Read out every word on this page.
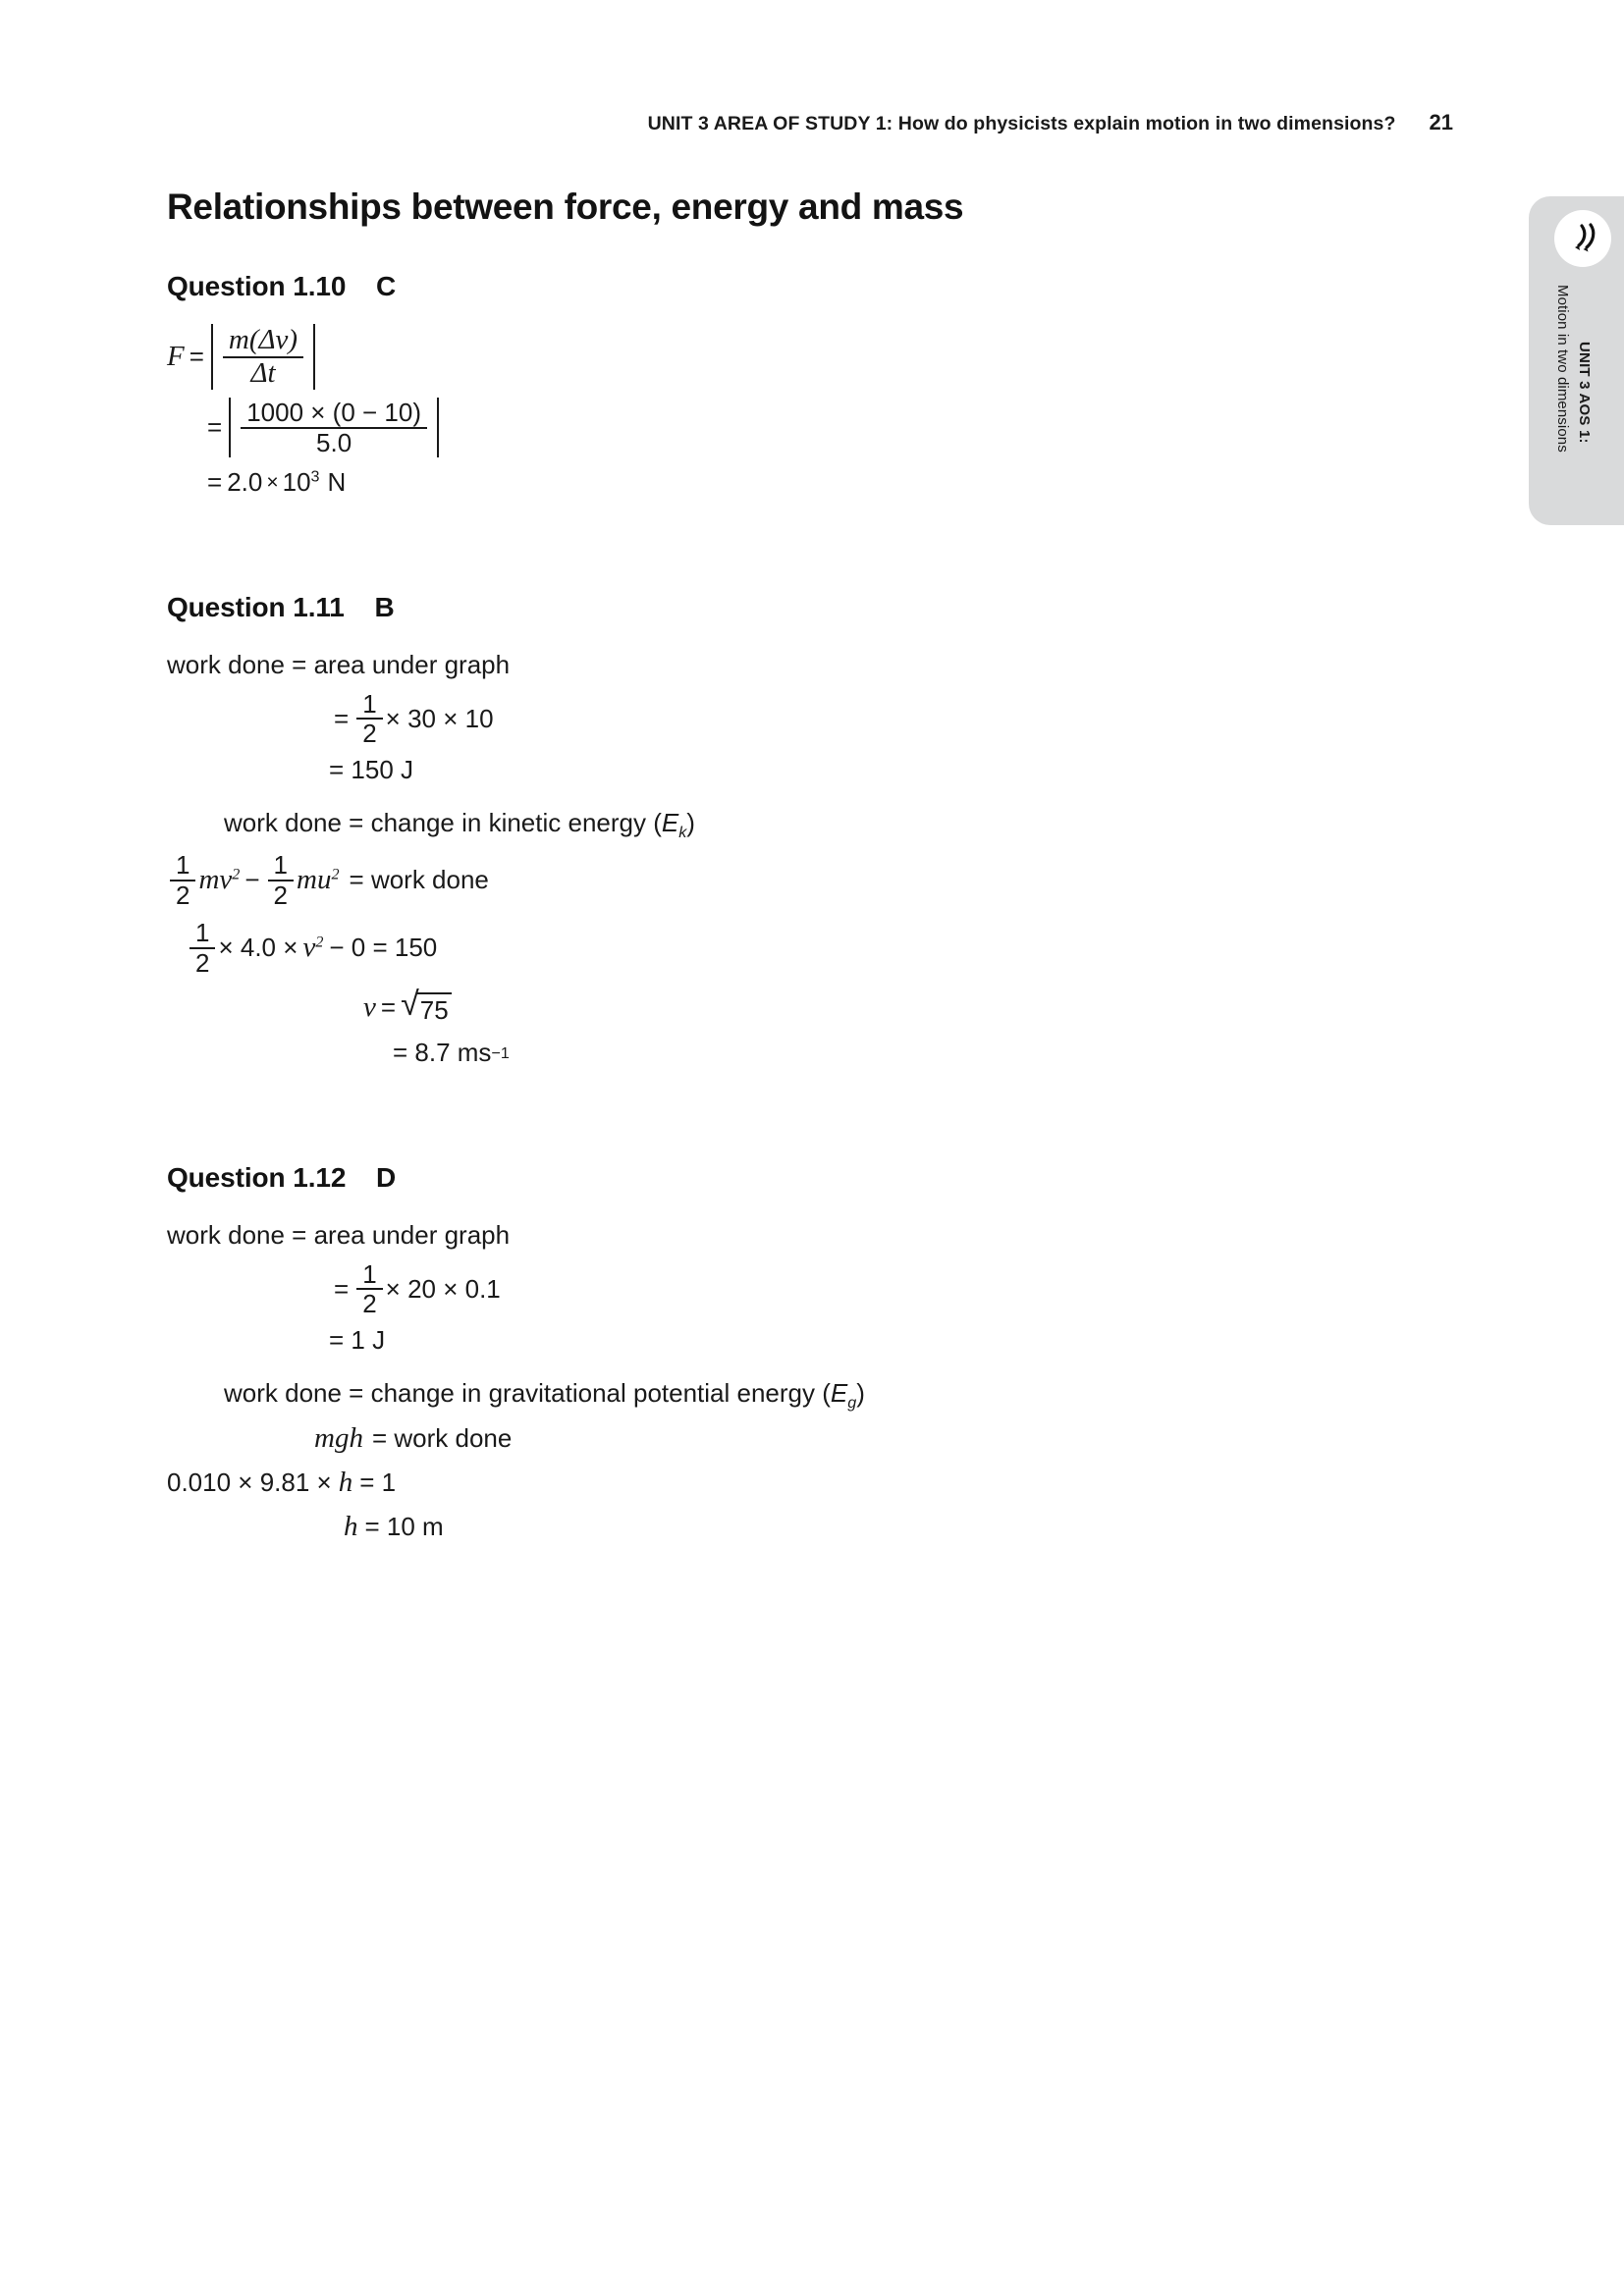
UNIT 3 AREA OF STUDY 1: How do physicists explain motion in two dimensions? 21
UNIT 3 AOS 1:
Motion in two dimensions
Relationships between force, energy and mass
Question 1.10 C
$F = \frac{m(\Delta v)}{\Delta t}$
= $\frac{1000 \times (0 - 10)}{5.0}$
= $2.0 \times 10^3$ N
Question 1.11 B
work done = area under graph
= $\frac{1}{2} \times 30 \times 10$
= 150 J
work done = change in kinetic energy $(E_k)$
$\frac{1}{2} mv^2 - \frac{1}{2} mu^2$ = work done
$\frac{1}{2} \times 4.0 \times v^2 - 0 = 150$
v = √ 75
= 8.7 ms −1
Question 1.12 D
work done = area under graph
= $\frac{1}{2} \times 20 \times 0.1$
= 1 J
work done = change in gravitational potential energy $(E_g)$
mgh = work done
0.010 × 9.81 × h = 1
h = 10 m
